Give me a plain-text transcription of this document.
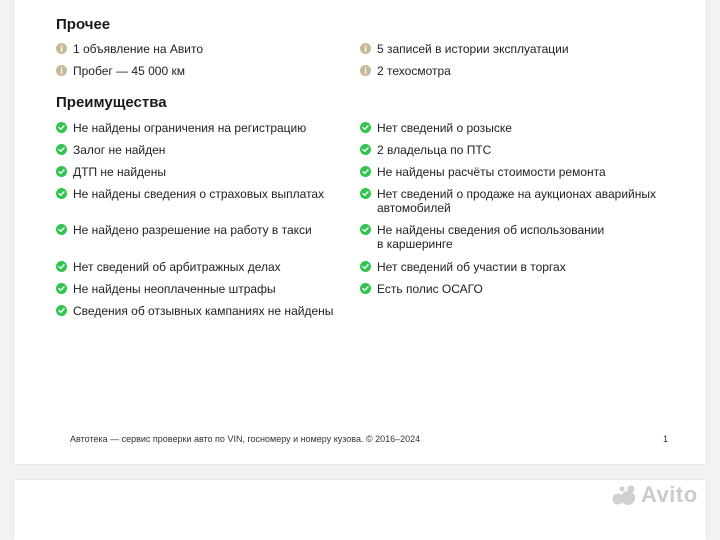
Прочее
1 объявление на Авито	5 записей в истории эксплуатации
Пробег — 45 000 км	2 техосмотра
Преимущества
Не найдены ограничения на регистрацию	Нет сведений о розыске
Залог не найден	2 владельца по ПТС
ДТП не найдены	Не найдены расчёты стоимости ремонта
Не найдены сведения о страховых выплатах	Нет сведений о продаже на аукционах аварийных автомобилей
Не найдено разрешение на работу в такси	Не найдены сведения об использовании в каршеринге
Нет сведений об арбитражных делах	Нет сведений об участии в торгах
Не найдены неоплаченные штрафы	Есть полис ОСАГО
Сведения об отзывных кампаниях не найдены
Автотека — сервис проверки авто по VIN, госномеру и номеру кузова. © 2016–2024	1
Avito
